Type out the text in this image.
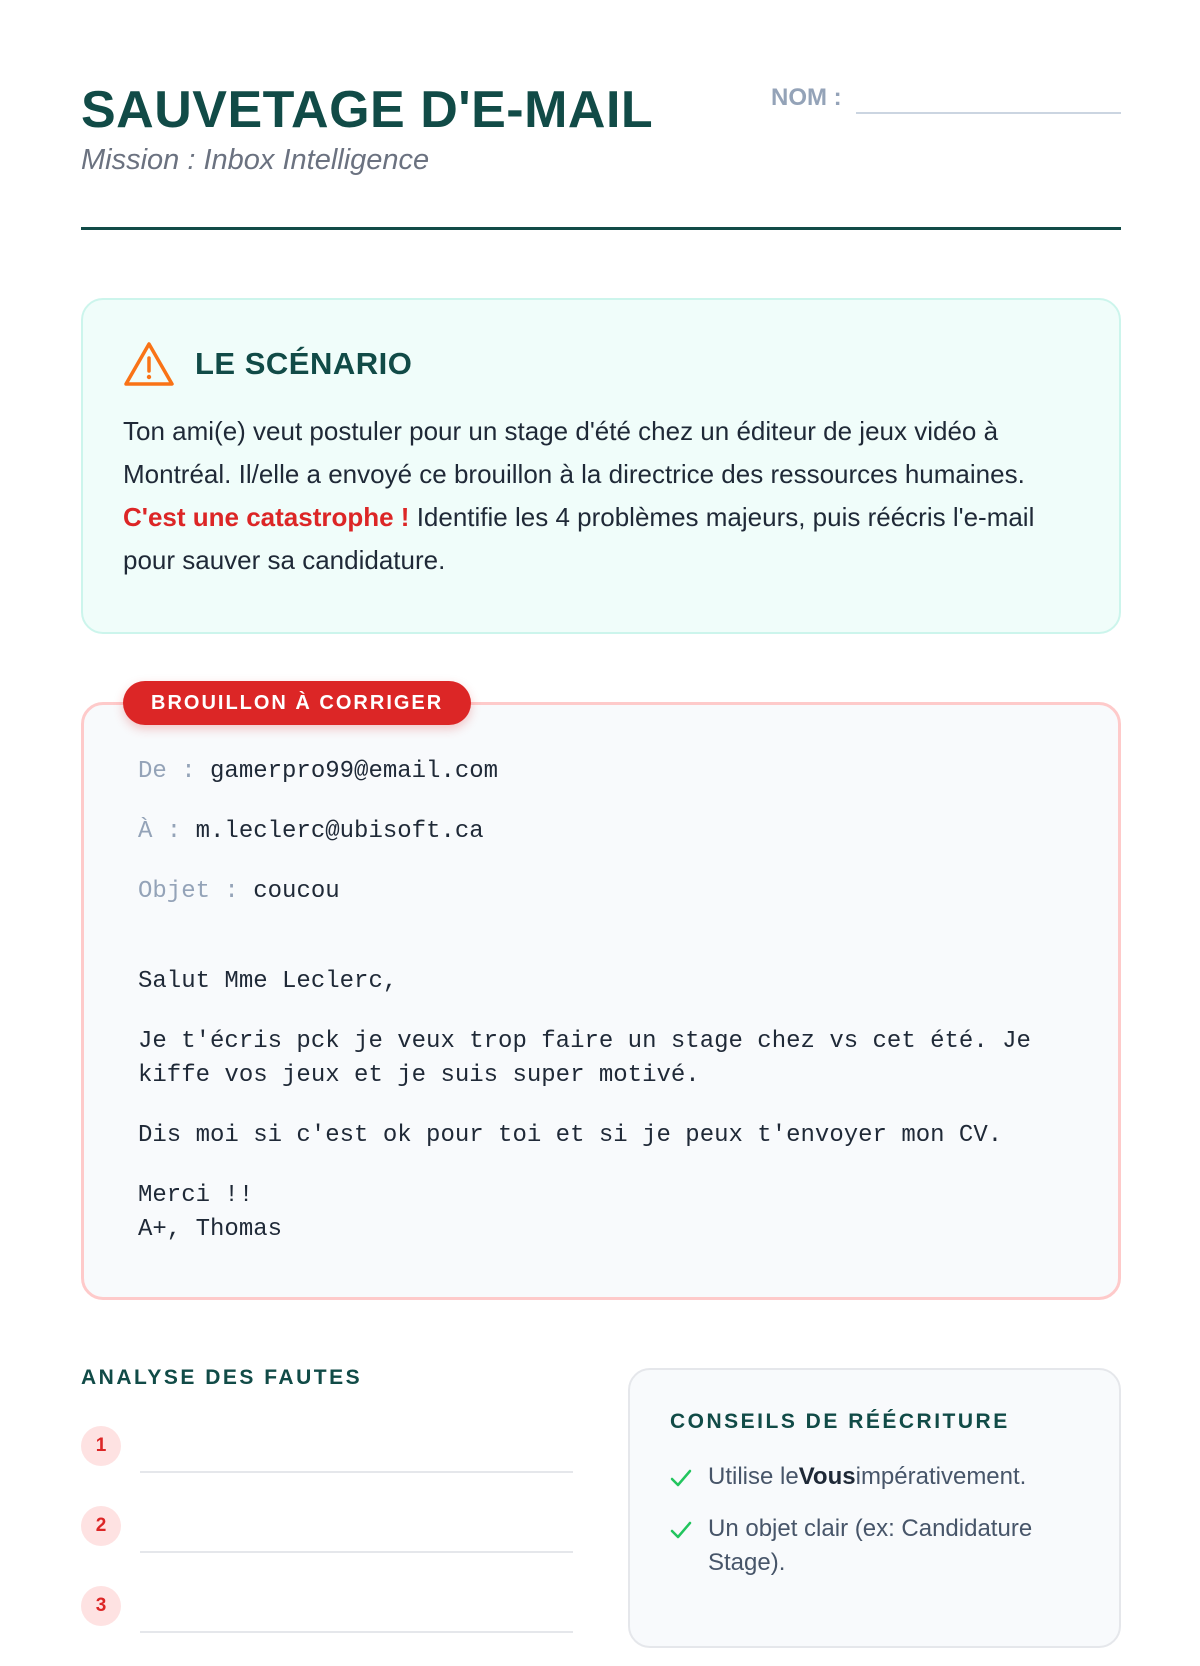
SAUVETAGE D'E-MAIL
Mission : Inbox Intelligence
NOM :
LE SCÉNARIO

Ton ami(e) veut postuler pour un stage d'été chez un éditeur de jeux vidéo à Montréal. Il/elle a envoyé ce brouillon à la directrice des ressources humaines. C'est une catastrophe ! Identifie les 4 problèmes majeurs, puis réécris l'e-mail pour sauver sa candidature.

BROUILLON À CORRIGER
De : gamerpro99@email.com
À : m.leclerc@ubisoft.ca
Objet : coucou

Salut Mme Leclerc,

Je t'écris pck je veux trop faire un stage chez vs cet été. Je
kiffe vos jeux et je suis super motivé.

Dis moi si c'est ok pour toi et si je peux t'envoyer mon CV.

Merci !!
A+, Thomas

ANALYSE DES FAUTES
1
2
3
CONSEILS DE RÉÉCRITURE
Utilise leVousimpérativement.
Un objet clair (ex: Candidature Stage).
